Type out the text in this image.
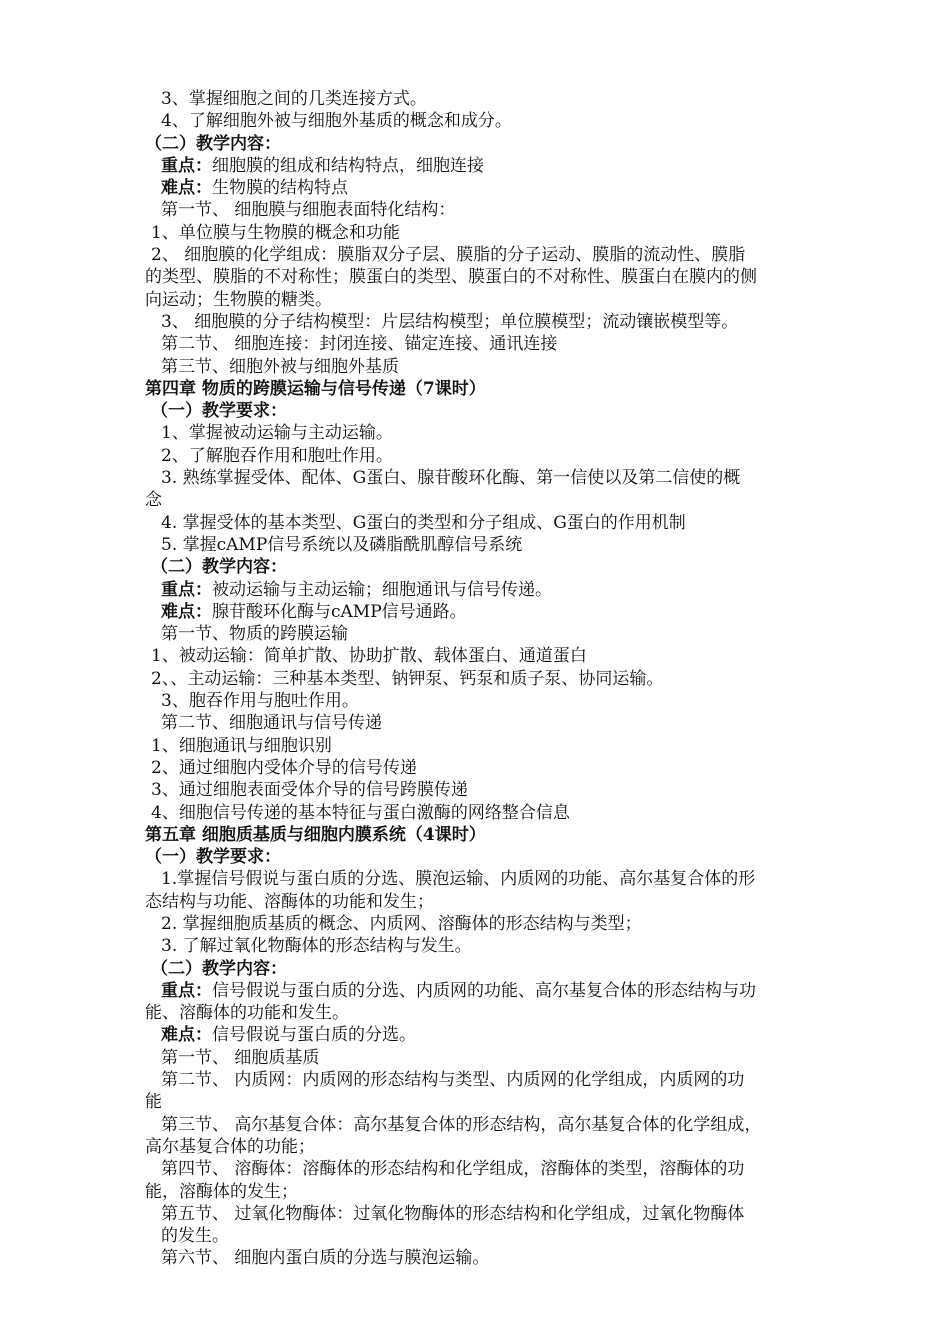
3、掌握细胞之间的几类连接方式。
4、了解细胞外被与细胞外基质的概念和成分。
（二）教学内容：
重点：细胞膜的组成和结构特点，细胞连接
难点：生物膜的结构特点
第一节、 细胞膜与细胞表面特化结构：
1、单位膜与生物膜的概念和功能
2、 细胞膜的化学组成：膜脂双分子层、膜脂的分子运动、膜脂的流动性、膜脂
的类型、膜脂的不对称性；膜蛋白的类型、膜蛋白的不对称性、膜蛋白在膜内的侧
向运动；生物膜的糖类。
3、 细胞膜的分子结构模型：片层结构模型；单位膜模型；流动镶嵌模型等。
第二节、 细胞连接：封闭连接、锚定连接、通讯连接
第三节、细胞外被与细胞外基质
第四章 物质的跨膜运输与信号传递（7课时）
（一）教学要求：
1、掌握被动运输与主动运输。
2、了解胞吞作用和胞吐作用。
3. 熟练掌握受体、配体、G蛋白、腺苷酸环化酶、第一信使以及第二信使的概
念
4. 掌握受体的基本类型、G蛋白的类型和分子组成、G蛋白的作用机制
5. 掌握cAMP信号系统以及磷脂酰肌醇信号系统
（二）教学内容：
重点：被动运输与主动运输；细胞通讯与信号传递。
难点：腺苷酸环化酶与cAMP信号通路。
第一节、物质的跨膜运输
1、被动运输：简单扩散、协助扩散、载体蛋白、通道蛋白
2、、主动运输：三种基本类型、钠钾泵、钙泵和质子泵、协同运输。
3、胞吞作用与胞吐作用。
第二节、细胞通讯与信号传递
1、细胞通讯与细胞识别
2、通过细胞内受体介导的信号传递
3、通过细胞表面受体介导的信号跨膜传递
4、细胞信号传递的基本特征与蛋白激酶的网络整合信息
第五章 细胞质基质与细胞内膜系统（4课时）
（一）教学要求：
1.掌握信号假说与蛋白质的分选、膜泡运输、内质网的功能、高尔基复合体的形
态结构与功能、溶酶体的功能和发生；
2. 掌握细胞质基质的概念、内质网、溶酶体的形态结构与类型；
3. 了解过氧化物酶体的形态结构与发生。
（二）教学内容：
重点：信号假说与蛋白质的分选、内质网的功能、高尔基复合体的形态结构与功
能、溶酶体的功能和发生。
难点：信号假说与蛋白质的分选。
第一节、 细胞质基质
第二节、 内质网：内质网的形态结构与类型、内质网的化学组成，内质网的功
能
第三节、 高尔基复合体：高尔基复合体的形态结构，高尔基复合体的化学组成，
高尔基复合体的功能；
第四节、 溶酶体：溶酶体的形态结构和化学组成，溶酶体的类型，溶酶体的功
能，溶酶体的发生；
第五节、 过氧化物酶体：过氧化物酶体的形态结构和化学组成，过氧化物酶体
的发生。
第六节、 细胞内蛋白质的分选与膜泡运输。
